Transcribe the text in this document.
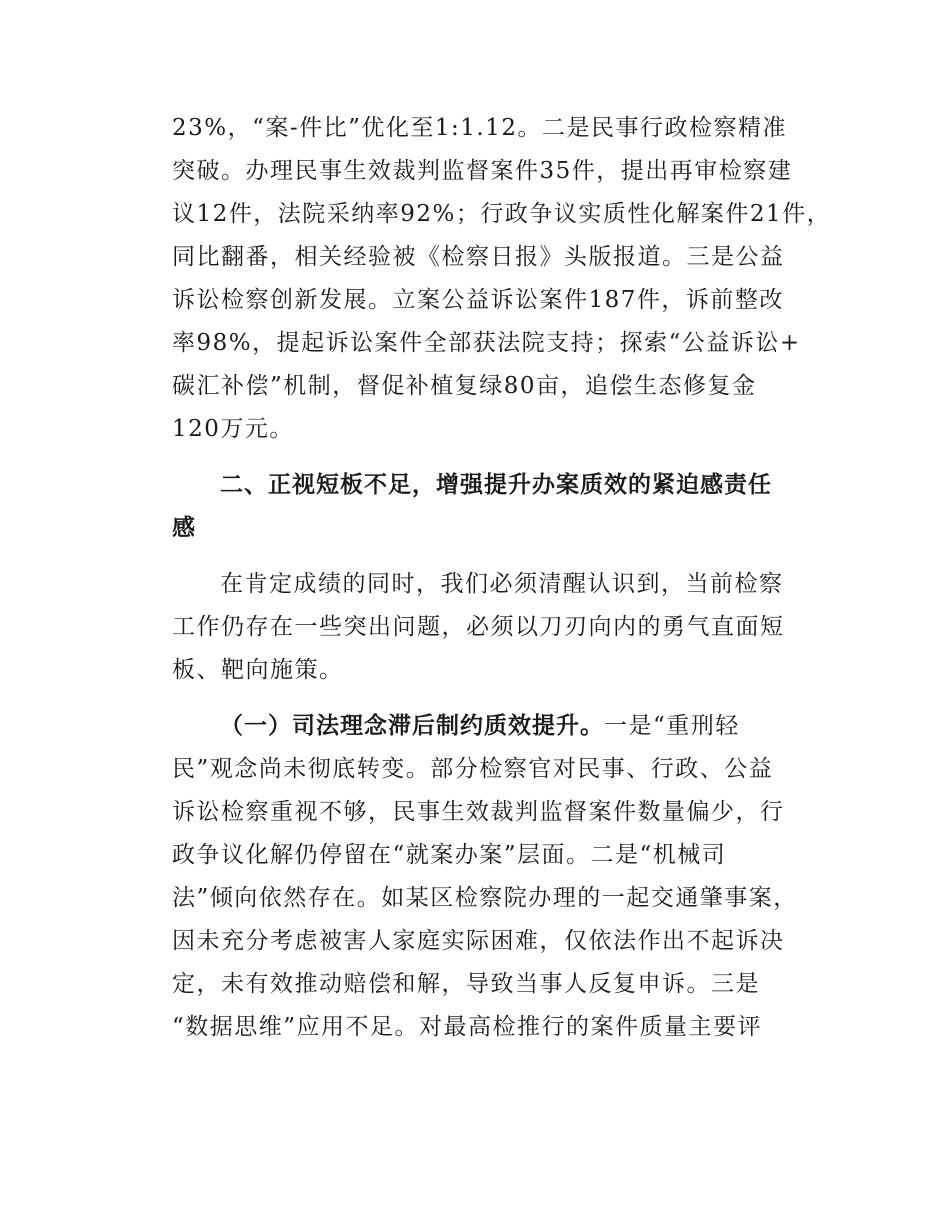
23%，“案-件比”优化至1:1.12。二是民事行政检察精准
突破。办理民事生效裁判监督案件35件，提出再审检察建
议12件，法院采纳率92%；行政争议实质性化解案件21件，
同比翻番，相关经验被《检察日报》头版报道。三是公益
诉讼检察创新发展。立案公益诉讼案件187件，诉前整改
率98%，提起诉讼案件全部获法院支持；探索“公益诉讼+
碳汇补偿”机制，督促补植复绿80亩，追偿生态修复金
120万元。
二、正视短板不足，增强提升办案质效的紧迫感责任
感
在肯定成绩的同时，我们必须清醒认识到，当前检察
工作仍存在一些突出问题，必须以刀刃向内的勇气直面短
板、靶向施策。
（一）司法理念滞后制约质效提升。一是“重刑轻
民”观念尚未彻底转变。部分检察官对民事、行政、公益
诉讼检察重视不够，民事生效裁判监督案件数量偏少，行
政争议化解仍停留在“就案办案”层面。二是“机械司
法”倾向依然存在。如某区检察院办理的一起交通肇事案，
因未充分考虑被害人家庭实际困难，仅依法作出不起诉决
定，未有效推动赔偿和解，导致当事人反复申诉。三是
“数据思维”应用不足。对最高检推行的案件质量主要评
